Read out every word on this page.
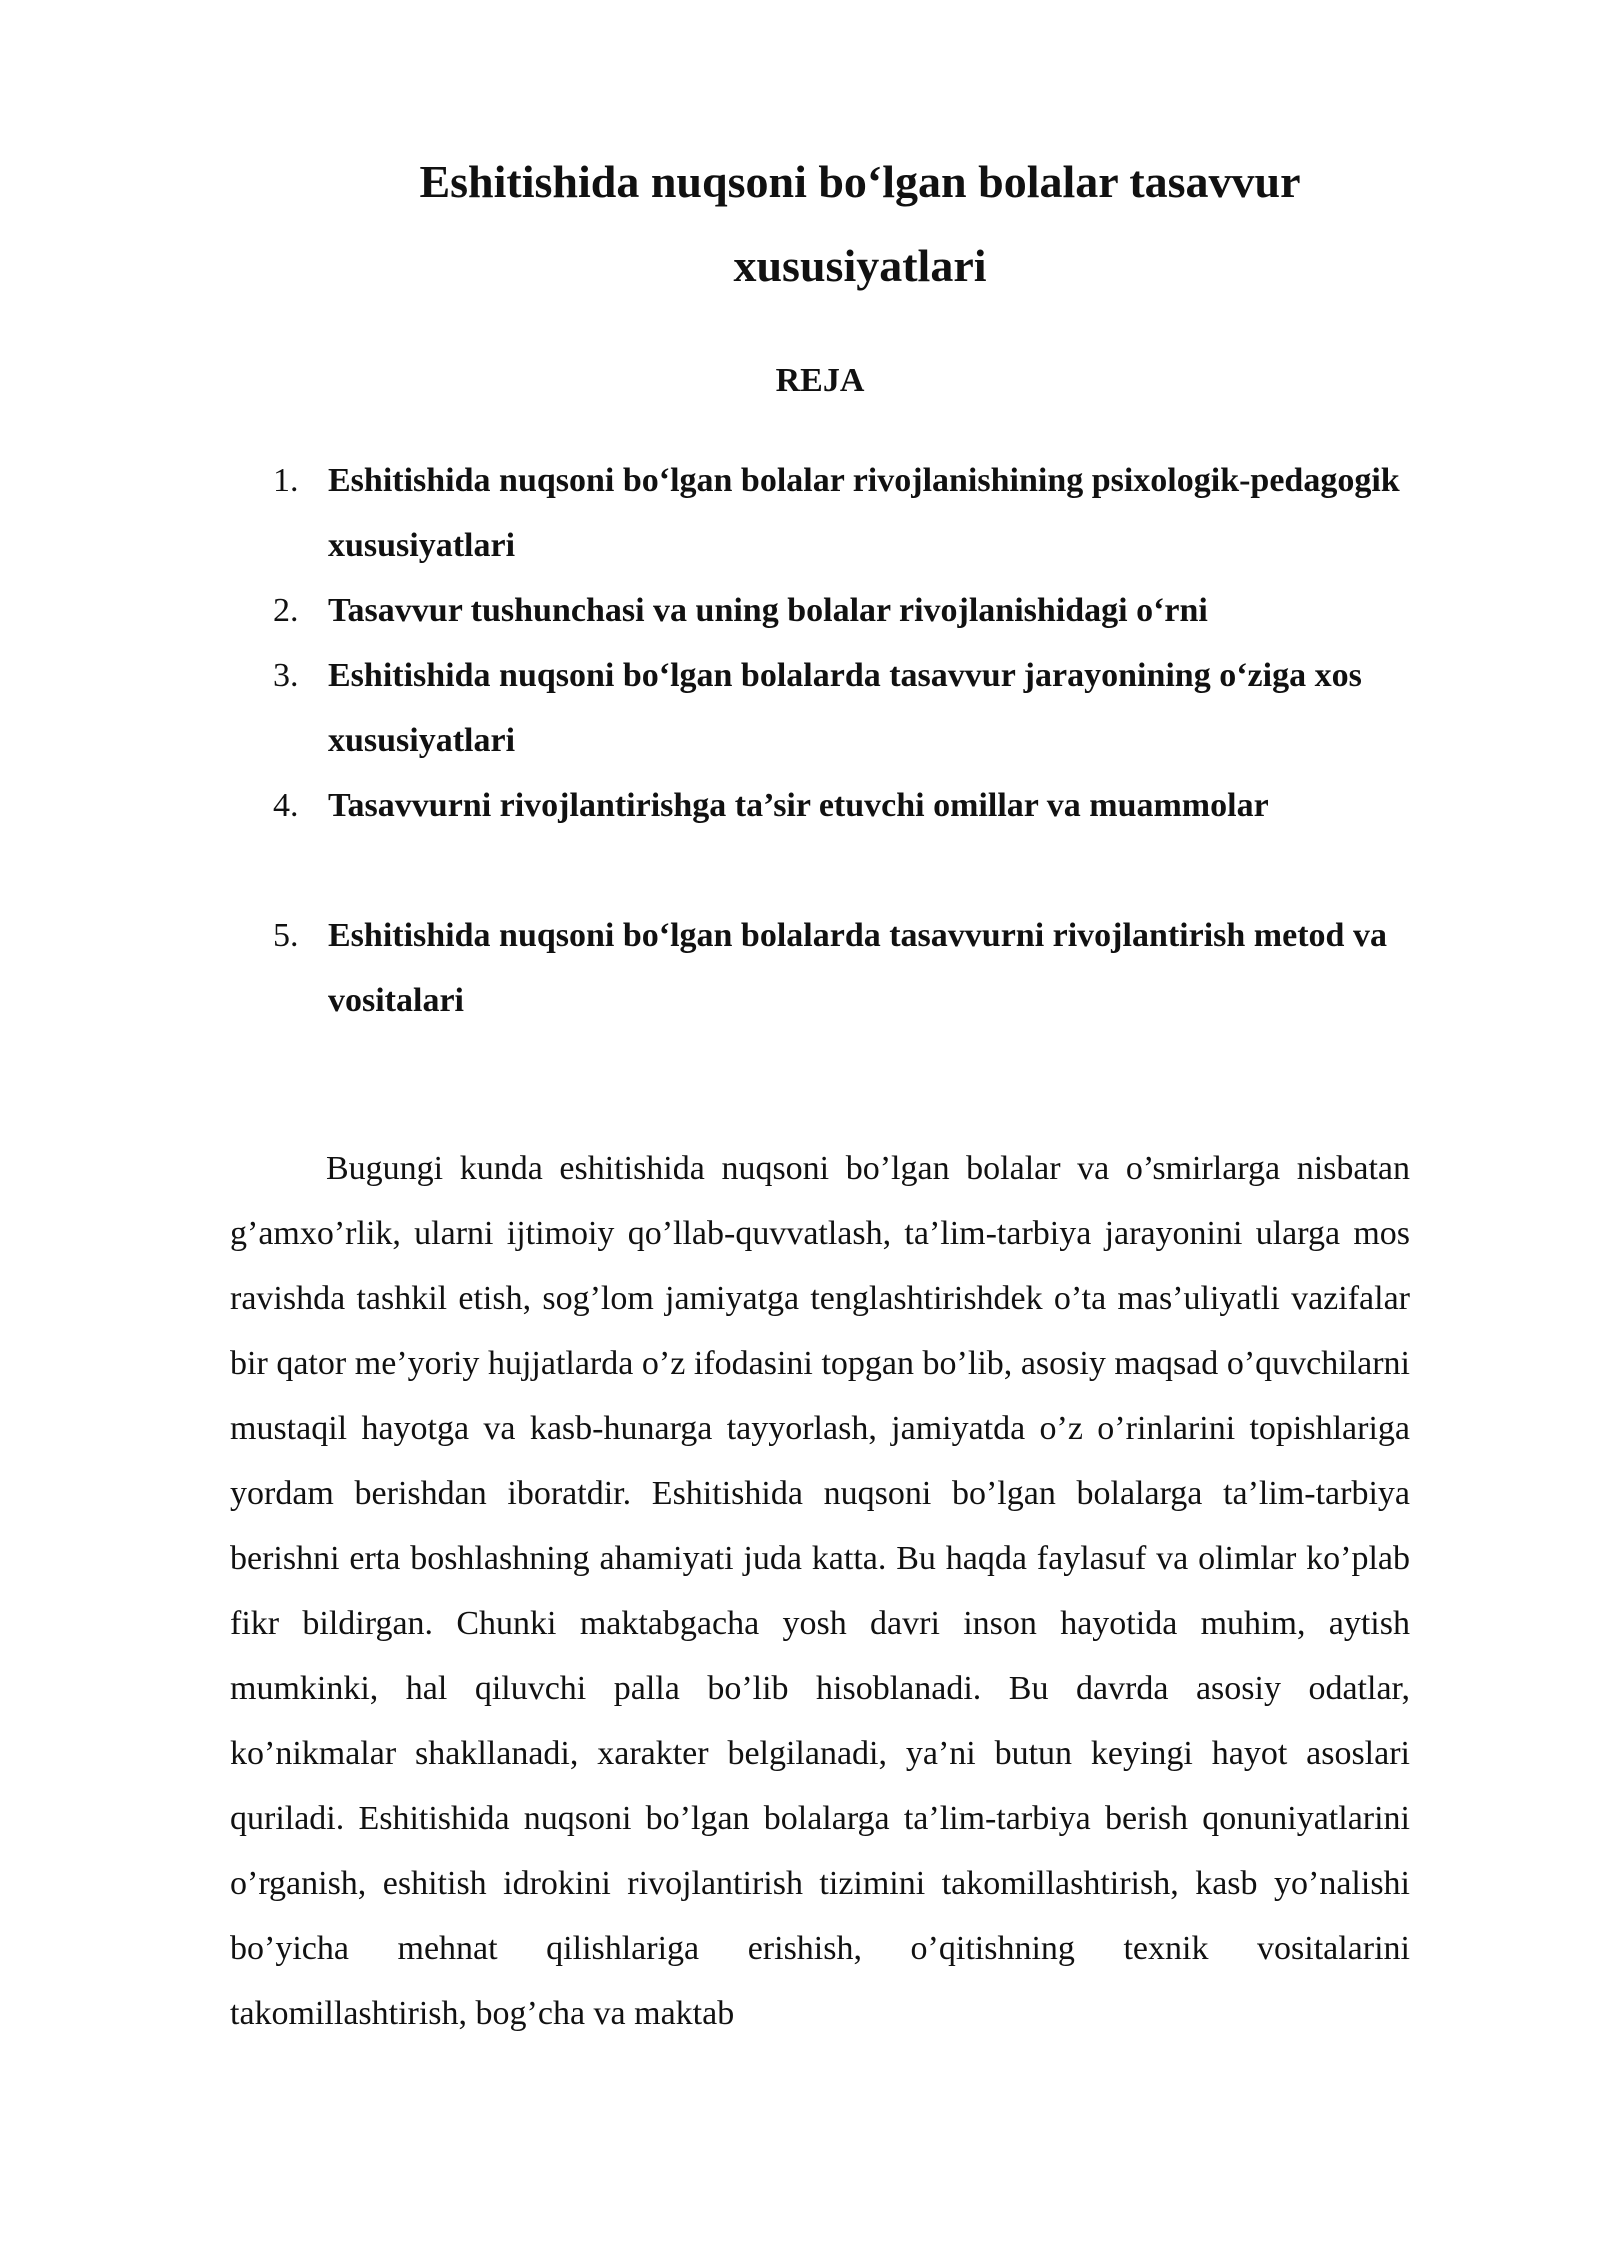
Eshitishida nuqsoni bo‘lgan bolalar tasavvur
xususiyatlari
REJA
1. Eshitishida nuqsoni bo‘lgan bolalar rivojlanishining psixologik-pedagogik xususiyatlari
2. Tasavvur tushunchasi va uning bolalar rivojlanishidagi o‘rni
3. Eshitishida nuqsoni bo‘lgan bolalarda tasavvur jarayonining o‘ziga xos xususiyatlari
4. Tasavvurni rivojlantirishga ta’sir etuvchi omillar va muammolar
5. Eshitishida nuqsoni bo‘lgan bolalarda tasavvurni rivojlantirish metod va vositalari

Bugungi kunda eshitishida nuqsoni bo’lgan bolalar va o’smirlarga nisbatan g’amxo’rlik, ularni ijtimoiy qo’llab-quvvatlash, ta’lim-tarbiya jarayonini ularga mos ravishda tashkil etish, sog’lom jamiyatga tenglashtirishdek o’ta mas’uliyatli vazifalar bir qator me’yoriy hujjatlarda o’z ifodasini topgan bo’lib, asosiy maqsad o’quvchilarni mustaqil hayotga va kasb-hunarga tayyorlash, jamiyatda o’z o’rinlarini topishlariga yordam berishdan iboratdir. Eshitishida nuqsoni bo’lgan bolalarga ta’lim-tarbiya berishni erta boshlashning ahamiyati juda katta. Bu haqda faylasuf va olimlar ko’plab fikr bildirgan. Chunki maktabgacha yosh davri inson hayotida muhim, aytish mumkinki, hal qiluvchi palla bo’lib hisoblanadi. Bu davrda asosiy odatlar, ko’nikmalar shakllanadi, xarakter belgilanadi, ya’ni butun keyingi hayot asoslari quriladi. Eshitishida nuqsoni bo’lgan bolalarga ta’lim-tarbiya berish qonuniyatlarini o’rganish, eshitish idrokini rivojlantirish tizimini takomillashtirish, kasb yo’nalishi bo’yicha mehnat qilishlariga erishish, o’qitishning texnik vositalarini takomillashtirish, bog’cha va maktab
